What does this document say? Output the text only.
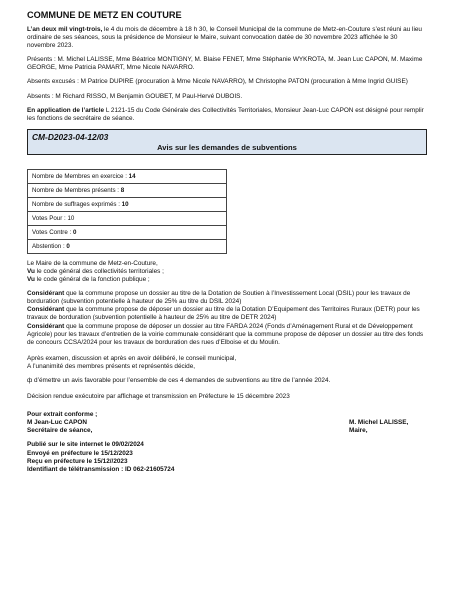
COMMUNE DE METZ EN COUTURE

L’an deux mil vingt-trois, le 4 du mois de décembre à 18 h 30, le Conseil Municipal de la commune de Metz-en-Couture s’est réuni au lieu ordinaire de ses séances, sous la présidence de Monsieur le Maire, suivant convocation datée de 30 novembre 2023 affichée le 30 novembre 2023.

Présents : M. Michel LALISSE, Mme Béatrice MONTIGNY, M. Blaise FENET, Mme Stéphanie WYKROTA, M. Jean Luc CAPON, M. Maxime GEORGE, Mme Patricia PAMART, Mme Nicole NAVARRO.

Absents excusés : M Patrice DUPIRE (procuration à Mme Nicole NAVARRO), M Christophe PATON (procuration à Mme Ingrid GUISE)

Absents : M Richard RISSO, M Benjamin GOUBET, M Paul-Hervé DUBOIS.

En application de l’article L 2121-15 du Code Générale des Collectivités Territoriales, Monsieur Jean-Luc CAPON est désigné pour remplir les fonctions de secrétaire de séance.

CM-D2023-04-12/03
Avis sur les demandes de subventions
Nombre de Membres en exercice : 14
Nombre de Membres présents : 8
Nombre de suffrages exprimés : 10
Votes Pour : 10
Votes Contre : 0
Abstention : 0

Le Maire de la commune de Metz-en-Couture,

Vu le code général des collectivités territoriales ;

Vu le code général de la fonction publique ;

Considérant que la commune propose un dossier au titre de la Dotation de Soutien à l’Investissement Local (DSIL) pour les travaux de borduration (subvention potentielle à hauteur de 25% au titre du DSIL 2024)

Considérant que la commune propose de déposer un dossier au titre de la Dotation D’Equipement des Territoires Ruraux (DETR) pour les travaux de borduration (subvention potentielle à hauteur de 25% au titre de DETR 2024)

Considérant que la commune propose de déposer un dossier au titre FARDA 2024 (Fonds d’Aménagement Rural et de Développement Agricole) pour les travaux d’entretien de la voirie communale considérant que la commune propose de déposer un dossier au titre des fonds de concours CCSA/2024 pour les travaux de borduration des rues d’Elboise et du Moulin.

Après examen, discussion et après en avoir délibéré, le conseil municipal,

A l’unanimité des membres présents et représentés décide,

ф d’émettre un avis favorable pour l’ensemble de ces 4 demandes de subventions au titre de l’année 2024.

Décision rendue exécutoire par affichage et transmission en Préfecture le 15 décembre 2023

Pour extrait conforme ;
M Jean-Luc CAPON
Secrétaire de séance,
M. Michel LALISSE,
Maire,
Publié sur le site internet le 09/02/2024
Envoyé en préfecture le 15/12/2023
Reçu en préfecture le 15/12//2023
Identifiant de télétransmission : ID 062-21605724
